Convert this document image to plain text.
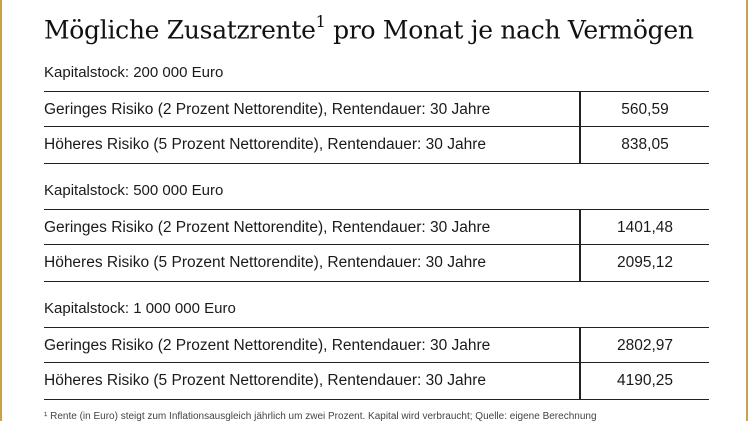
Mögliche Zusatzrente$^1$ pro Monat je nach Vermögen
Kapitalstock: 200 000 Euro
Geringes Risiko (2 Prozent Nettorendite), Rentendauer: 30 Jahre	560,59
Höheres Risiko (5 Prozent Nettorendite), Rentendauer: 30 Jahre	838,05
Kapitalstock: 500 000 Euro
Geringes Risiko (2 Prozent Nettorendite), Rentendauer: 30 Jahre	1401,48
Höheres Risiko (5 Prozent Nettorendite), Rentendauer: 30 Jahre	2095,12
Kapitalstock: 1 000 000 Euro
Geringes Risiko (2 Prozent Nettorendite), Rentendauer: 30 Jahre	2802,97
Höheres Risiko (5 Prozent Nettorendite), Rentendauer: 30 Jahre	4190,25
¹ Rente (in Euro) steigt zum Inflationsausgleich jährlich um zwei Prozent. Kapital wird verbraucht; Quelle: eigene Berechnung
